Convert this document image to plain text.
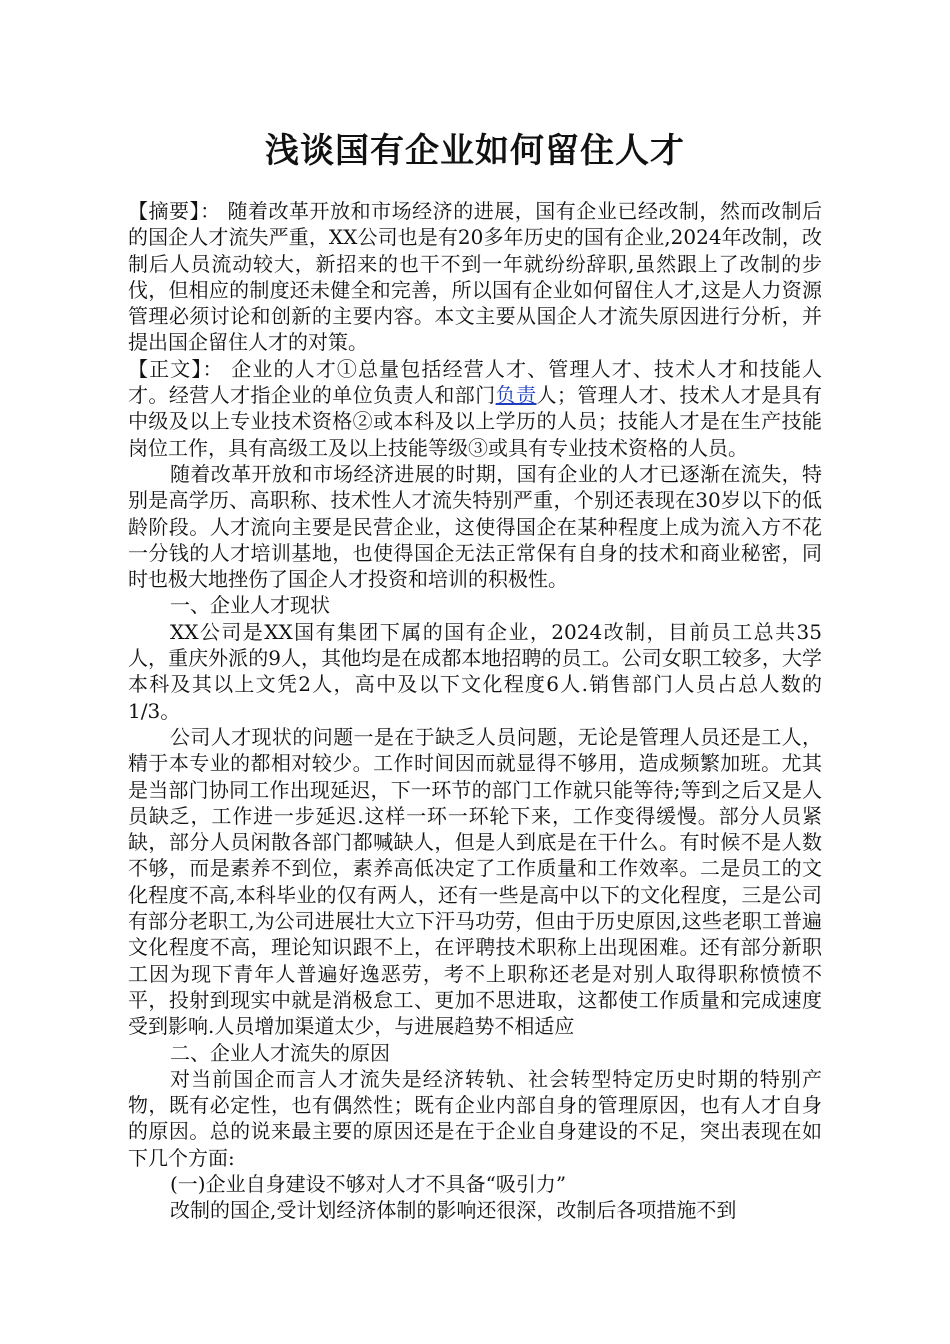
浅谈国有企业如何留住人才

【摘要】： 随着改革开放和市场经济的进展，国有企业已经改制，然而改制后的国企人才流失严重，XX公司也是有20多年历史的国有企业,2024年改制，改制后人员流动较大，新招来的也干不到一年就纷纷辞职,虽然跟上了改制的步伐，但相应的制度还未健全和完善，所以国有企业如何留住人才,这是人力资源管理必须讨论和创新的主要内容。本文主要从国企人才流失原因进行分析，并提出国企留住人才的对策。

【正文】： 企业的人才①总量包括经营人才、管理人才、技术人才和技能人才。经营人才指企业的单位负责人和部门负责人；管理人才、技术人才是具有中级及以上专业技术资格②或本科及以上学历的人员；技能人才是在生产技能岗位工作，具有高级工及以上技能等级③或具有专业技术资格的人员。

随着改革开放和市场经济进展的时期，国有企业的人才已逐渐在流失，特别是高学历、高职称、技术性人才流失特别严重，个别还表现在30岁以下的低龄阶段。人才流向主要是民营企业，这使得国企在某种程度上成为流入方不花一分钱的人才培训基地，也使得国企无法正常保有自身的技术和商业秘密，同时也极大地挫伤了国企人才投资和培训的积极性。

一、企业人才现状

XX公司是XX国有集团下属的国有企业，2024改制，目前员工总共35人，重庆外派的9人，其他均是在成都本地招聘的员工。公司女职工较多，大学本科及其以上文凭2人，高中及以下文化程度6人.销售部门人员占总人数的1/3。

公司人才现状的问题一是在于缺乏人员问题，无论是管理人员还是工人，精于本专业的都相对较少。工作时间因而就显得不够用，造成频繁加班。尤其是当部门协同工作出现延迟，下一环节的部门工作就只能等待;等到之后又是人员缺乏，工作进一步延迟.这样一环一环轮下来，工作变得缓慢。部分人员紧缺，部分人员闲散各部门都喊缺人，但是人到底是在干什么。有时候不是人数不够，而是素养不到位，素养高低决定了工作质量和工作效率。二是员工的文化程度不高,本科毕业的仅有两人，还有一些是高中以下的文化程度，三是公司有部分老职工,为公司进展壮大立下汗马功劳，但由于历史原因,这些老职工普遍文化程度不高，理论知识跟不上，在评聘技术职称上出现困难。还有部分新职工因为现下青年人普遍好逸恶劳，考不上职称还老是对别人取得职称愤愤不平，投射到现实中就是消极怠工、更加不思进取，这都使工作质量和完成速度受到影响.人员增加渠道太少，与进展趋势不相适应

二、企业人才流失的原因

对当前国企而言人才流失是经济转轨、社会转型特定历史时期的特别产物，既有必定性，也有偶然性；既有企业内部自身的管理原因，也有人才自身的原因。总的说来最主要的原因还是在于企业自身建设的不足，突出表现在如下几个方面:

(一)企业自身建设不够对人才不具备“吸引力”

改制的国企,受计划经济体制的影响还很深，改制后各项措施不到
